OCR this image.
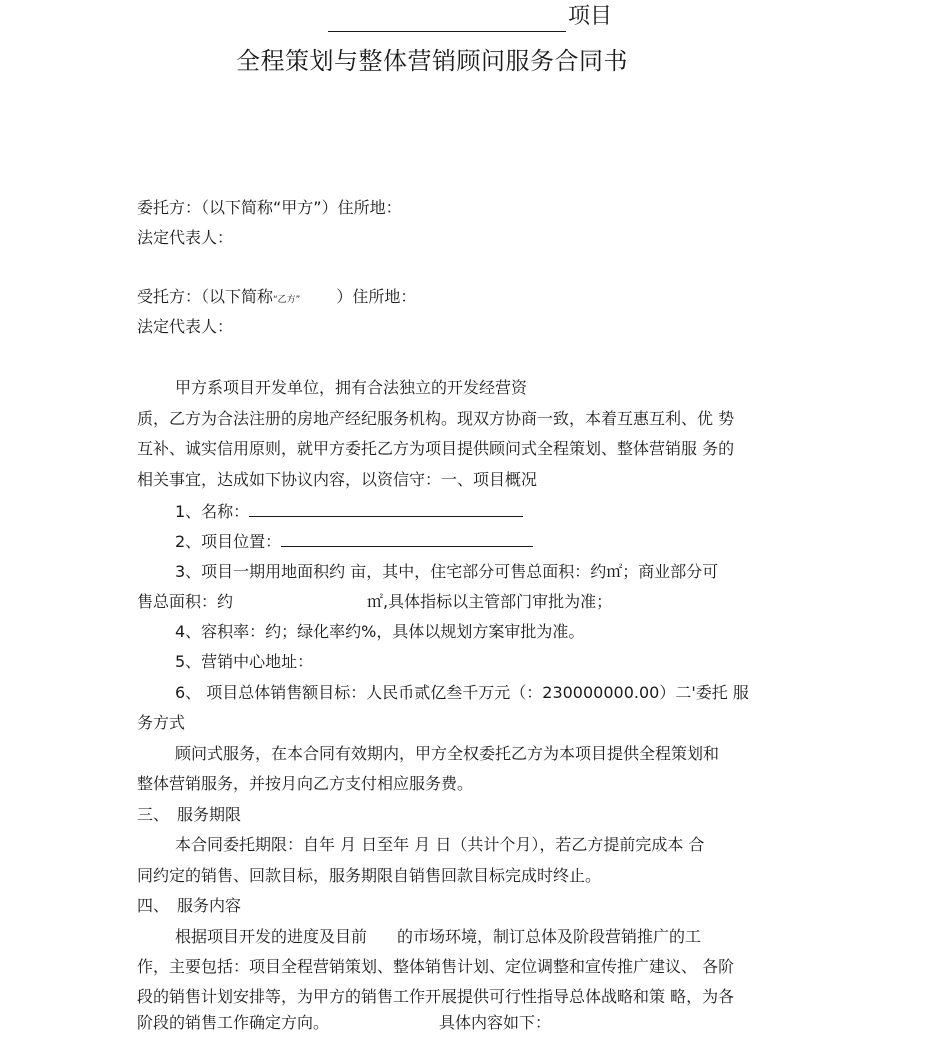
项目
全程策划与整体营销顾问服务合同书
委托方：（以下简称“甲方”）住所地：
法定代表人：
受托方：（以下简称“乙方” ）住所地：
法定代表人：
甲方系项目开发单位，拥有合法独立的开发经营资
质，乙方为合法注册的房地产经纪服务机构。现双方协商一致，本着互惠互利、优 势
互补、诚实信用原则，就甲方委托乙方为项目提供顾问式全程策划、整体营销服 务的
相关事宜，达成如下协议内容，以资信守：一、项目概况
1、名称：
2、项目位置：
3、项目一期用地面积约 亩，其中，住宅部分可售总面积：约㎡；商业部分可
售总面积：约	㎡,具体指标以主管部门审批为准；
4、容积率：约；绿化率约%，具体以规划方案审批为准。
5、营销中心地址：
6、 项目总体销售额目标：人民币贰亿叁千万元（：230000000.00）二'委托 服
务方式
顾问式服务，在本合同有效期内，甲方全权委托乙方为本项目提供全程策划和
整体营销服务，并按月向乙方支付相应服务费。
三、　服务期限
本合同委托期限：自年 月 日至年 月 日（共计个月），若乙方提前完成本 合
同约定的销售、回款目标，服务期限自销售回款目标完成时终止。
四、　服务内容
根据项目开发的进度及目前 的市场环境，制订总体及阶段营销推广的工
作，主要包括：项目全程营销策划、整体销售计划、定位调整和宣传推广建议、 各阶
段的销售计划安排等，为甲方的销售工作开展提供可行性指导总体战略和策 略，为各
阶段的销售工作确定方向。	具体内容如下：
